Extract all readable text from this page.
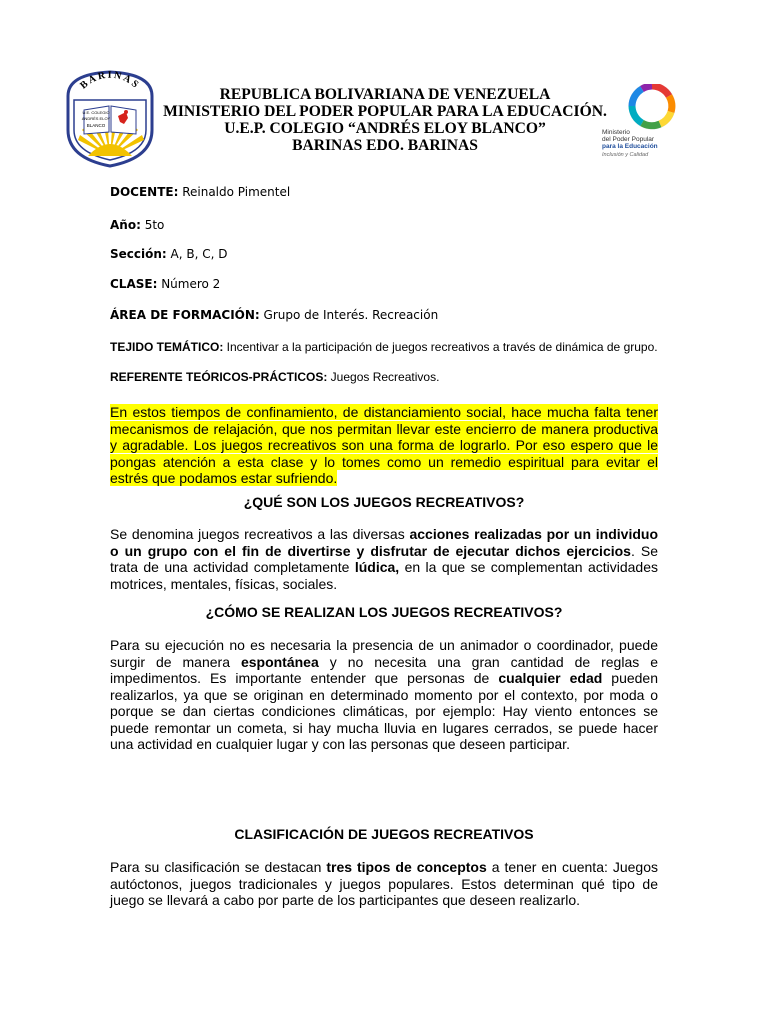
BARINAS
U.E. COLEGIO
ANDRÉS ELOY
BLANCO
REPUBLICA BOLIVARIANA DE VENEZUELA
MINISTERIO DEL PODER POPULAR PARA LA EDUCACIÓN.
U.E.P. COLEGIO “ANDRÉS ELOY BLANCO”
BARINAS EDO. BARINAS
Ministerio
del Poder Popular
para la Educación
Inclusión y Calidad
DOCENTE: Reinaldo Pimentel
Año: 5to
Sección: A, B, C, D
CLASE: Número 2
ÁREA DE FORMACIÓN: Grupo de Interés. Recreación
TEJIDO TEMÁTICO: Incentivar a la participación de juegos recreativos a través de dinámica de grupo.
REFERENTE TEÓRICOS-PRÁCTICOS: Juegos Recreativos.
En estos tiempos de confinamiento, de distanciamiento social, hace mucha falta tener
mecanismos de relajación, que nos permitan llevar este encierro de manera productiva
y agradable. Los juegos recreativos son una forma de lograrlo. Por eso espero que le
pongas atención a esta clase y lo tomes como un remedio espiritual para evitar el
estrés que podamos estar sufriendo.
¿QUÉ SON LOS JUEGOS RECREATIVOS?
Se denomina juegos recreativos a las diversas acciones realizadas por un individuo o un grupo con el fin de divertirse y disfrutar de ejecutar dichos ejercicios. Se trata de una actividad completamente lúdica, en la que se complementan actividades motrices, mentales, físicas, sociales.
¿CÓMO SE REALIZAN LOS JUEGOS RECREATIVOS?
Para su ejecución no es necesaria la presencia de un animador o coordinador, puede surgir de manera espontánea y no necesita una gran cantidad de reglas e impedimentos. Es importante entender que personas de cualquier edad pueden realizarlos, ya que se originan en determinado momento por el contexto, por moda o porque se dan ciertas condiciones climáticas, por ejemplo: Hay viento entonces se puede remontar un cometa, si hay mucha lluvia en lugares cerrados, se puede hacer una actividad en cualquier lugar y con las personas que deseen participar.
CLASIFICACIÓN DE JUEGOS RECREATIVOS
Para su clasificación se destacan tres tipos de conceptos a tener en cuenta: Juegos autóctonos, juegos tradicionales y juegos populares. Estos determinan qué tipo de juego se llevará a cabo por parte de los participantes que deseen realizarlo.
